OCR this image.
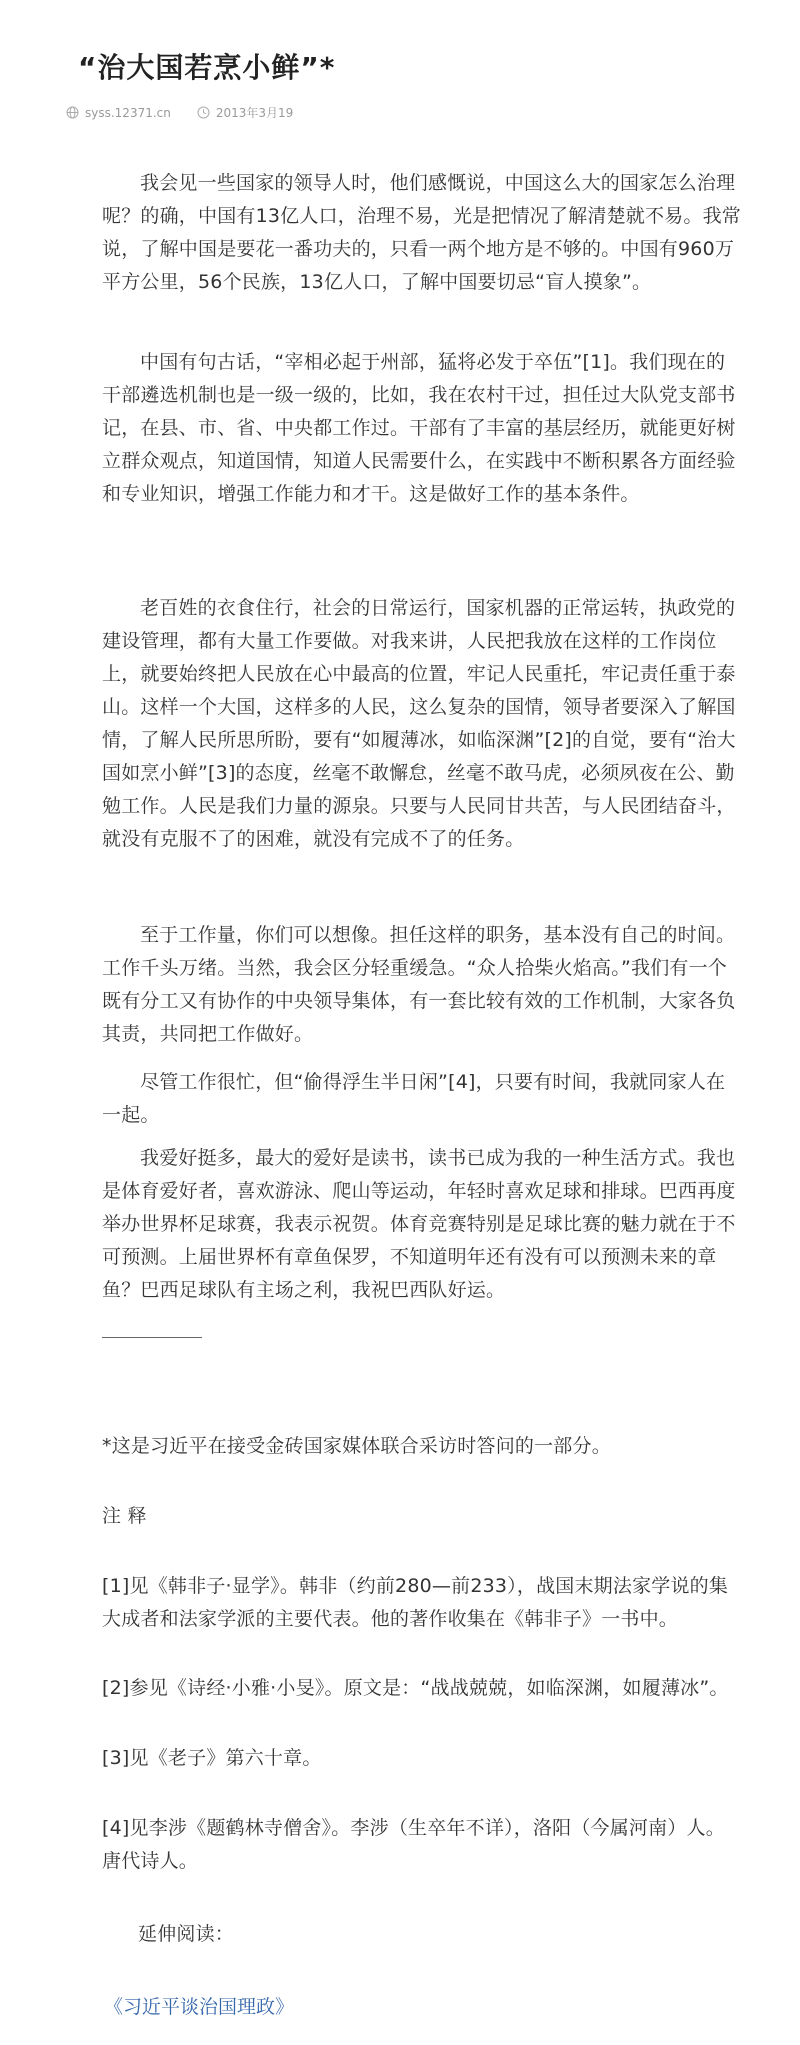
“治大国若烹小鲜”*
syss.12371.cn	2013年3月19

我会见一些国家的领导人时，他们感慨说，中国这么大的国家怎么治理呢？的确，中国有13亿人口，治理不易，光是把情况了解清楚就不易。我常说，了解中国是要花一番功夫的，只看一两个地方是不够的。中国有960万平方公里，56个民族，13亿人口，了解中国要切忌“盲人摸象”。

中国有句古话，“宰相必起于州部，猛将必发于卒伍”[1]。我们现在的干部遴选机制也是一级一级的，比如，我在农村干过，担任过大队党支部书记，在县、市、省、中央都工作过。干部有了丰富的基层经历，就能更好树立群众观点，知道国情，知道人民需要什么，在实践中不断积累各方面经验和专业知识，增强工作能力和才干。这是做好工作的基本条件。

老百姓的衣食住行，社会的日常运行，国家机器的正常运转，执政党的建设管理，都有大量工作要做。对我来讲，人民把我放在这样的工作岗位上，就要始终把人民放在心中最高的位置，牢记人民重托，牢记责任重于泰山。这样一个大国，这样多的人民，这么复杂的国情，领导者要深入了解国情，了解人民所思所盼，要有“如履薄冰，如临深渊”[2]的自觉，要有“治大国如烹小鲜”[3]的态度，丝毫不敢懈怠，丝毫不敢马虎，必须夙夜在公、勤勉工作。人民是我们力量的源泉。只要与人民同甘共苦，与人民团结奋斗，就没有克服不了的困难，就没有完成不了的任务。

至于工作量，你们可以想像。担任这样的职务，基本没有自己的时间。工作千头万绪。当然，我会区分轻重缓急。“众人拾柴火焰高。”我们有一个既有分工又有协作的中央领导集体，有一套比较有效的工作机制，大家各负其责，共同把工作做好。

尽管工作很忙，但“偷得浮生半日闲”[4]，只要有时间，我就同家人在一起。

我爱好挺多，最大的爱好是读书，读书已成为我的一种生活方式。我也是体育爱好者，喜欢游泳、爬山等运动，年轻时喜欢足球和排球。巴西再度举办世界杯足球赛，我表示祝贺。体育竞赛特别是足球比赛的魅力就在于不可预测。上届世界杯有章鱼保罗，不知道明年还有没有可以预测未来的章鱼？巴西足球队有主场之利，我祝巴西队好运。

*这是习近平在接受金砖国家媒体联合采访时答问的一部分。

注 释

[1]见《韩非子·显学》。韩非（约前280—前233），战国末期法家学说的集大成者和法家学派的主要代表。他的著作收集在《韩非子》一书中。

[2]参见《诗经·小雅·小旻》。原文是：“战战兢兢，如临深渊，如履薄冰”。

[3]见《老子》第六十章。

[4]见李涉《题鹤林寺僧舍》。李涉（生卒年不详），洛阳（今属河南）人。唐代诗人。

延伸阅读：

《习近平谈治国理政》
